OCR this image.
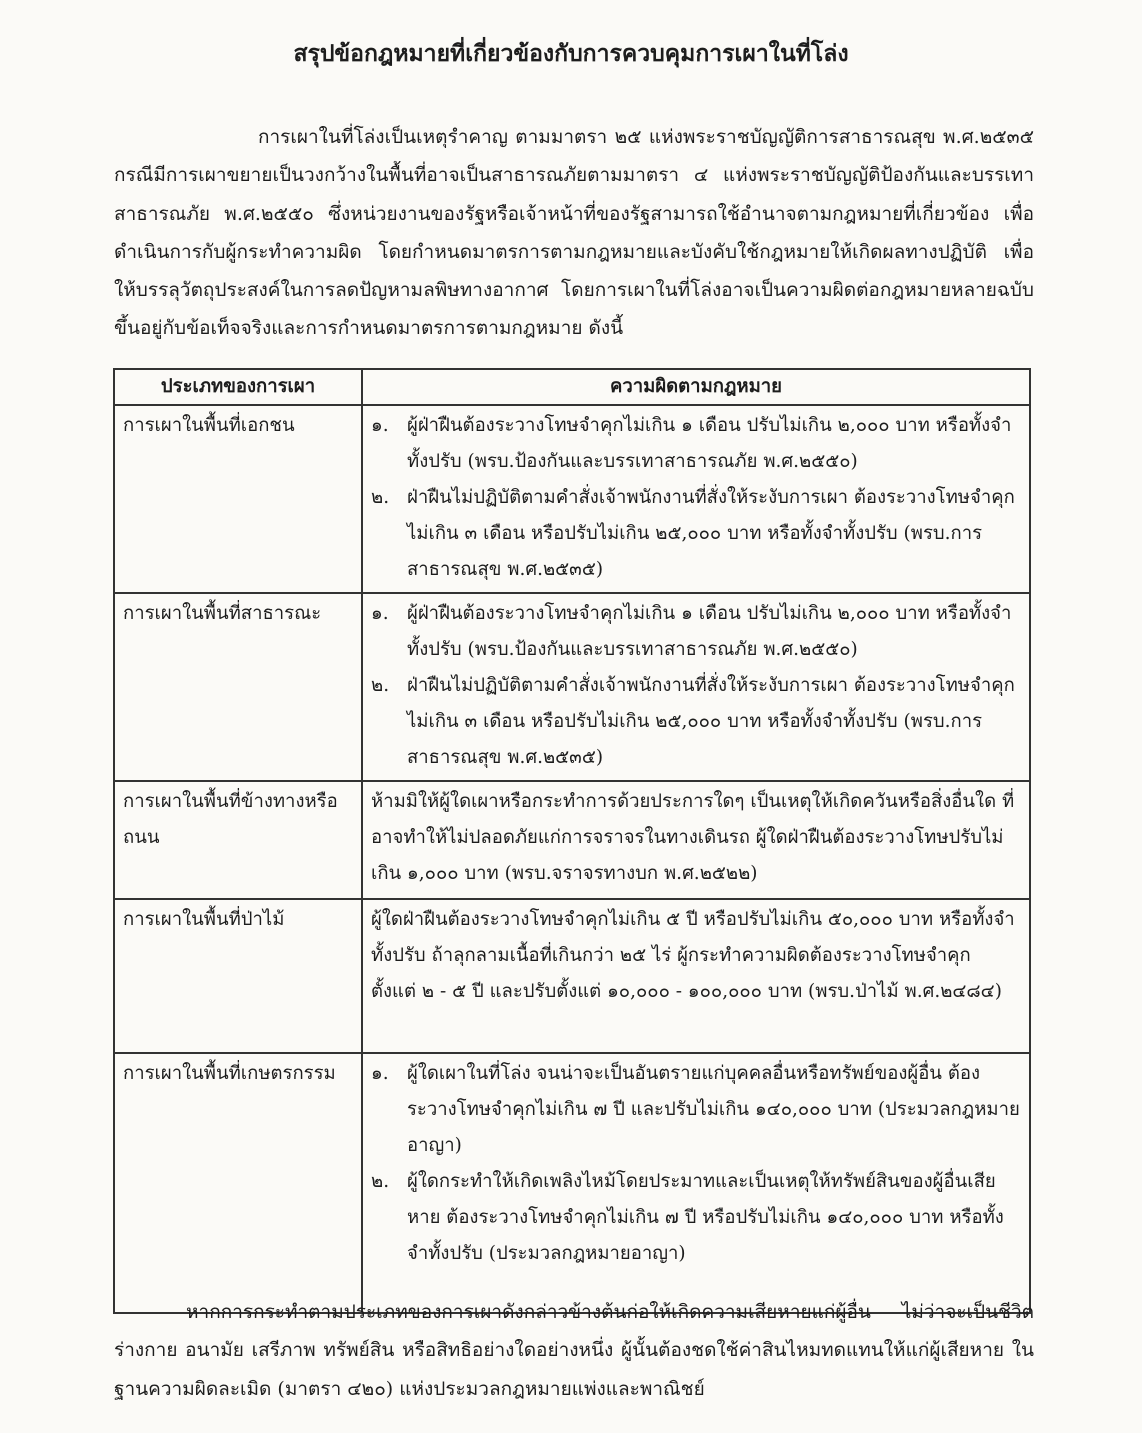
สรุปข้อกฎหมายที่เกี่ยวข้องกับการควบคุมการเผาในที่โล่ง
การเผาในที่โล่งเป็นเหตุรำคาญ ตามมาตรา ๒๕ แห่งพระราชบัญญัติการสาธารณสุข พ.ศ.๒๕๓๕ กรณีมีการเผาขยายเป็นวงกว้างในพื้นที่อาจเป็นสาธารณภัยตามมาตรา ๔ แห่งพระราชบัญญัติป้องกันและบรรเทาสาธารณภัย พ.ศ.๒๕๕๐ ซึ่งหน่วยงานของรัฐหรือเจ้าหน้าที่ของรัฐสามารถใช้อำนาจตามกฎหมายที่เกี่ยวข้อง เพื่อดำเนินการกับผู้กระทำความผิด โดยกำหนดมาตรการตามกฎหมายและบังคับใช้กฎหมายให้เกิดผลทางปฏิบัติ เพื่อให้บรรลุวัตถุประสงค์ในการลดปัญหามลพิษทางอากาศ โดยการเผาในที่โล่งอาจเป็นความผิดต่อกฎหมายหลายฉบับขึ้นอยู่กับข้อเท็จจริงและการกำหนดมาตรการตามกฎหมาย ดังนี้
ประเภทของการเผา	ความผิดตามกฎหมาย
การเผาในพื้นที่เอกชน	๑. ผู้ฝ่าฝืนต้องระวางโทษจำคุกไม่เกิน ๑ เดือน ปรับไม่เกิน ๒,๐๐๐ บาท หรือทั้งจำทั้งปรับ (พรบ.ป้องกันและบรรเทาสาธารณภัย พ.ศ.๒๕๕๐)
๒. ฝ่าฝืนไม่ปฏิบัติตามคำสั่งเจ้าพนักงานที่สั่งให้ระงับการเผา ต้องระวางโทษจำคุกไม่เกิน ๓ เดือน หรือปรับไม่เกิน ๒๕,๐๐๐ บาท หรือทั้งจำทั้งปรับ (พรบ.การสาธารณสุข พ.ศ.๒๕๓๕)

การเผาในพื้นที่สาธารณะ	๑. ผู้ฝ่าฝืนต้องระวางโทษจำคุกไม่เกิน ๑ เดือน ปรับไม่เกิน ๒,๐๐๐ บาท หรือทั้งจำทั้งปรับ (พรบ.ป้องกันและบรรเทาสาธารณภัย พ.ศ.๒๕๕๐)
๒. ฝ่าฝืนไม่ปฏิบัติตามคำสั่งเจ้าพนักงานที่สั่งให้ระงับการเผา ต้องระวางโทษจำคุกไม่เกิน ๓ เดือน หรือปรับไม่เกิน ๒๕,๐๐๐ บาท หรือทั้งจำทั้งปรับ (พรบ.การสาธารณสุข พ.ศ.๒๕๓๕)

การเผาในพื้นที่ข้างทางหรือถนน	ห้ามมิให้ผู้ใดเผาหรือกระทำการด้วยประการใดๆ เป็นเหตุให้เกิดควันหรือสิ่งอื่นใด ที่อาจทำให้ไม่ปลอดภัยแก่การจราจรในทางเดินรถ ผู้ใดฝ่าฝืนต้องระวางโทษปรับไม่เกิน ๑,๐๐๐ บาท (พรบ.จราจรทางบก พ.ศ.๒๕๒๒)
การเผาในพื้นที่ป่าไม้	ผู้ใดฝ่าฝืนต้องระวางโทษจำคุกไม่เกิน ๕ ปี หรือปรับไม่เกิน ๕๐,๐๐๐ บาท หรือทั้งจำทั้งปรับ ถ้าลุกลามเนื้อที่เกินกว่า ๒๕ ไร่ ผู้กระทำความผิดต้องระวางโทษจำคุก ตั้งแต่ ๒ - ๕ ปี และปรับตั้งแต่ ๑๐,๐๐๐ - ๑๐๐,๐๐๐ บาท (พรบ.ป่าไม้ พ.ศ.๒๔๘๔)
การเผาในพื้นที่เกษตรกรรม	๑. ผู้ใดเผาในที่โล่ง จนน่าจะเป็นอันตรายแก่บุคคลอื่นหรือทรัพย์ของผู้อื่น ต้องระวางโทษจำคุกไม่เกิน ๗ ปี และปรับไม่เกิน ๑๔๐,๐๐๐ บาท (ประมวลกฎหมายอาญา)
๒. ผู้ใดกระทำให้เกิดเพลิงไหม้โดยประมาทและเป็นเหตุให้ทรัพย์สินของผู้อื่นเสียหาย ต้องระวางโทษจำคุกไม่เกิน ๗ ปี หรือปรับไม่เกิน ๑๔๐,๐๐๐ บาท หรือทั้งจำทั้งปรับ (ประมวลกฎหมายอาญา)
หากการกระทำตามประเภทของการเผาดังกล่าวข้างต้นก่อให้เกิดความเสียหายแก่ผู้อื่น ไม่ว่าจะเป็นชีวิต ร่างกาย อนามัย เสรีภาพ ทรัพย์สิน หรือสิทธิอย่างใดอย่างหนึ่ง ผู้นั้นต้องชดใช้ค่าสินไหมทดแทนให้แก่ผู้เสียหาย ในฐานความผิดละเมิด (มาตรา ๔๒๐) แห่งประมวลกฎหมายแพ่งและพาณิชย์
